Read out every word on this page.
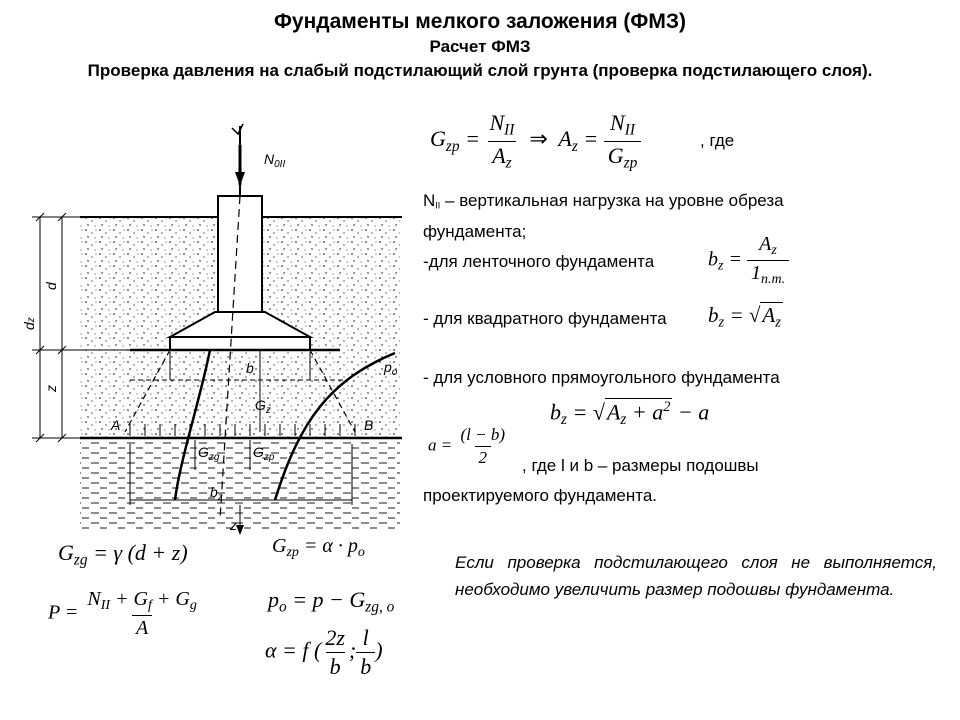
Фундаменты мелкого заложения (ФМЗ)
Расчет ФМЗ
Проверка давления на слабый подстилающий слой грунта (проверка подстилающего слоя).
$N_{0II}$
d
dz
z
b	$p_o$
$G_z$
A	B
$G_{zg}$ $G_{zp}$
$b_z$
z
$G_{zp} = \frac{N_{II}}{A_z}$ ⇒  $A_z = \frac{N_{II}}{G_{zp}}$	, где
$N_{II}$ – вертикальная нагрузка на уровне обреза
фундамента;
-для ленточного фундамента	$b_z = \frac{A_z}{1_{n.m.}}$
- для квадратного фундамента $b_z = √A_z$
- для условного прямоугольного фундамента
$b_z = √A_z + a^2 - a$
$a = \frac{(l - b)}{2}$ , где l и b – размеры подошвы
проектируемого фундамента.
$G_{zg} = \gamma$ (d + z)
$P = \frac{N_{II} + G_f + G_g}{A}$
$G_{zp} = \alpha \cdot p_o$
$p_o = p - G_{zg, o}$
α = f ( $\frac{2z}{b}$ ; $\frac{l}{b}$ )
Если проверка подстилающего слоя не выполняется, необходимо увеличить размер подошвы фундамента.
